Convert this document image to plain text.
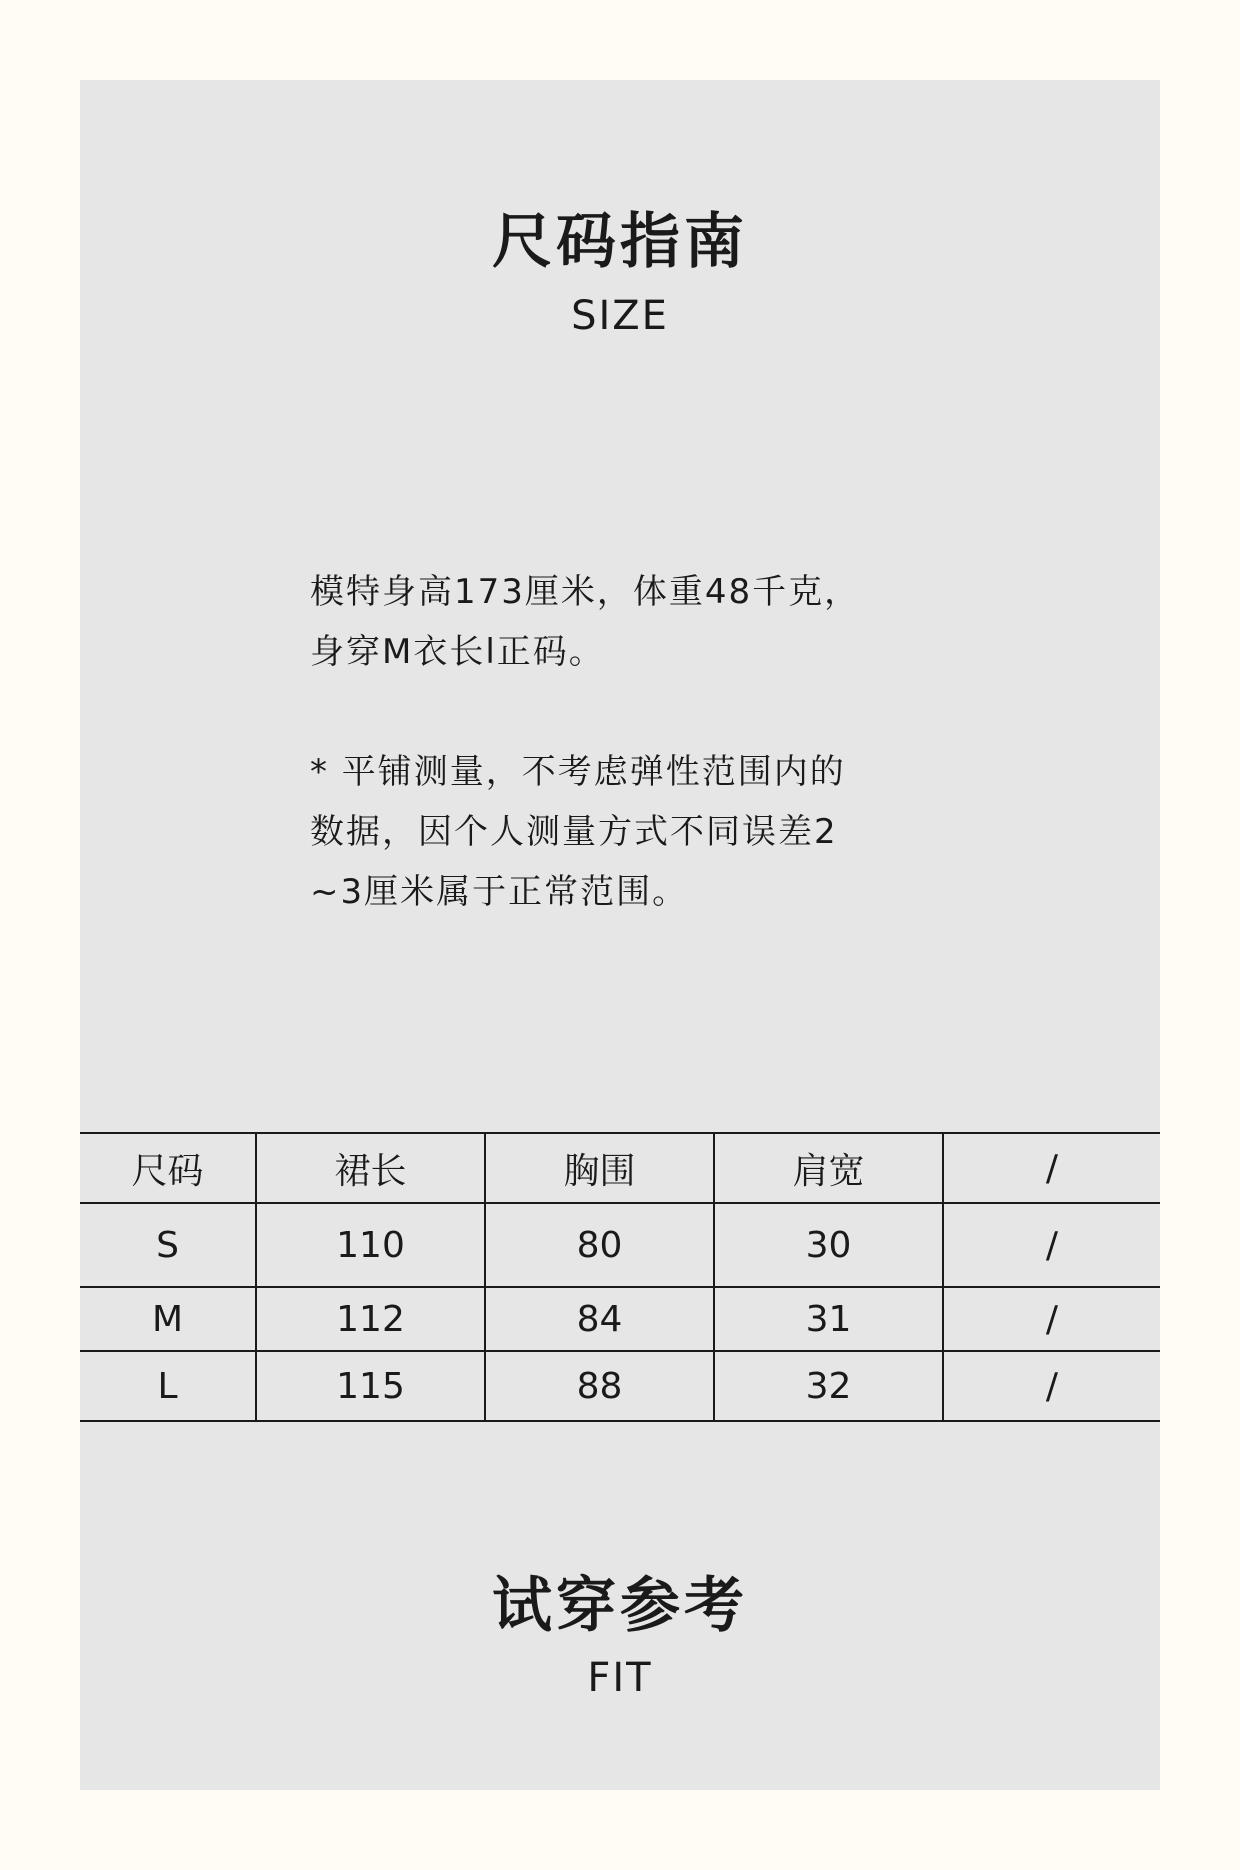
尺码指南
SIZE
模特身高173厘米，体重48千克，
身穿M衣长l正码。
* 平铺测量，不考虑弹性范围内的
数据，因个人测量方式不同误差2
~3厘米属于正常范围。
尺码	裙长	胸围	肩宽	/
S	110	80	30	/
M	112	84	31	/
L	115	88	32	/
试穿参考
FIT
